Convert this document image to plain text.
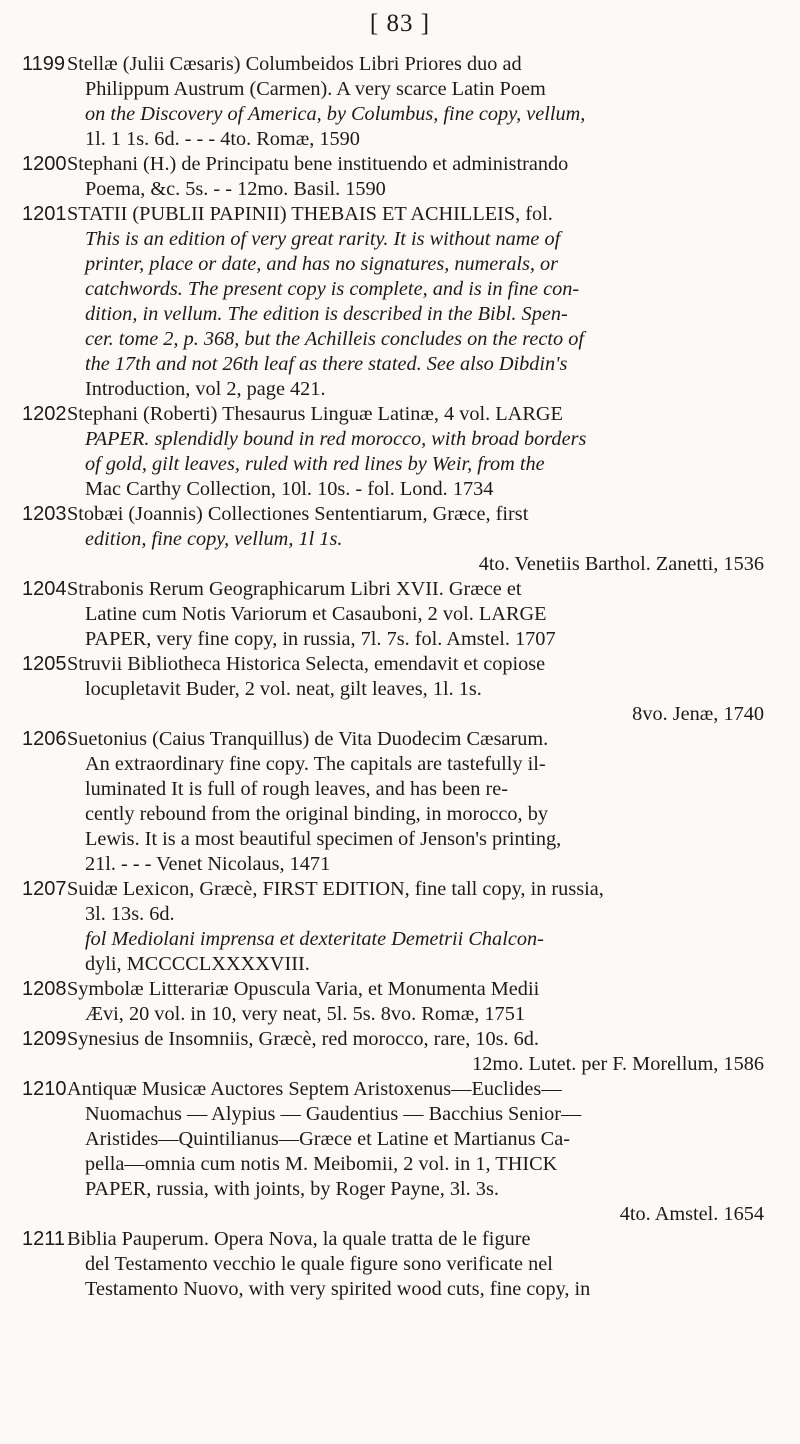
[ 83 ]
1199 Stellæ (Julii Cæsaris) Columbeidos Libri Priores duo ad
Philippum Austrum (Carmen). A very scarce Latin Poem
on the Discovery of America, by Columbus, fine copy, vellum,
1l. 1 1s. 6d. - - - 4to. Romæ, 1590
1200 Stephani (H.) de Principatu bene instituendo et administrando
Poema, &c. 5s. - - 12mo. Basil. 1590
1201 STATII (PUBLII PAPINII) THEBAIS ET ACHILLEIS, fol.
This is an edition of very great rarity. It is without name of
printer, place or date, and has no signatures, numerals, or
catchwords. The present copy is complete, and is in fine con-
dition, in vellum. The edition is described in the Bibl. Spen-
cer. tome 2, p. 368, but the Achilleis concludes on the recto of
the 17th and not 26th leaf as there stated. See also Dibdin's
Introduction, vol 2, page 421.
1202 Stephani (Roberti) Thesaurus Linguæ Latinæ, 4 vol. LARGE
PAPER. splendidly bound in red morocco, with broad borders
of gold, gilt leaves, ruled with red lines by Weir, from the
Mac Carthy Collection, 10l. 10s. - fol. Lond. 1734
1203 Stobæi (Joannis) Collectiones Sententiarum, Græce, first
edition, fine copy, vellum, 1l 1s.
4to. Venetiis Barthol. Zanetti, 1536
1204 Strabonis Rerum Geographicarum Libri XVII. Græce et
Latine cum Notis Variorum et Casauboni, 2 vol. LARGE
PAPER, very fine copy, in russia, 7l. 7s. fol. Amstel. 1707
1205 Struvii Bibliotheca Historica Selecta, emendavit et copiose
locupletavit Buder, 2 vol. neat, gilt leaves, 1l. 1s.
8vo. Jenæ, 1740
1206 Suetonius (Caius Tranquillus) de Vita Duodecim Cæsarum.
An extraordinary fine copy. The capitals are tastefully il-
luminated It is full of rough leaves, and has been re-
cently rebound from the original binding, in morocco, by
Lewis. It is a most beautiful specimen of Jenson's printing,
21l. - - - Venet Nicolaus, 1471
1207 Suidæ Lexicon, Græcè, FIRST EDITION, fine tall copy, in russia,
3l. 13s. 6d.
fol Mediolani imprensa et dexteritate Demetrii Chalcon-
dyli, MCCCCLXXXXVIII.
1208 Symbolæ Litterariæ Opuscula Varia, et Monumenta Medii
Ævi, 20 vol. in 10, very neat, 5l. 5s. 8vo. Romæ, 1751
1209 Synesius de Insomniis, Græcè, red morocco, rare, 10s. 6d.
12mo. Lutet. per F. Morellum, 1586
1210 Antiquæ Musicæ Auctores Septem Aristoxenus—Euclides—
Nuomachus — Alypius — Gaudentius — Bacchius Senior—
Aristides—Quintilianus—Græce et Latine et Martianus Ca-
pella—omnia cum notis M. Meibomii, 2 vol. in 1, THICK
PAPER, russia, with joints, by Roger Payne, 3l. 3s.
4to. Amstel. 1654
1211 Biblia Pauperum. Opera Nova, la quale tratta de le figure
del Testamento vecchio le quale figure sono verificate nel
Testamento Nuovo, with very spirited wood cuts, fine copy, in
